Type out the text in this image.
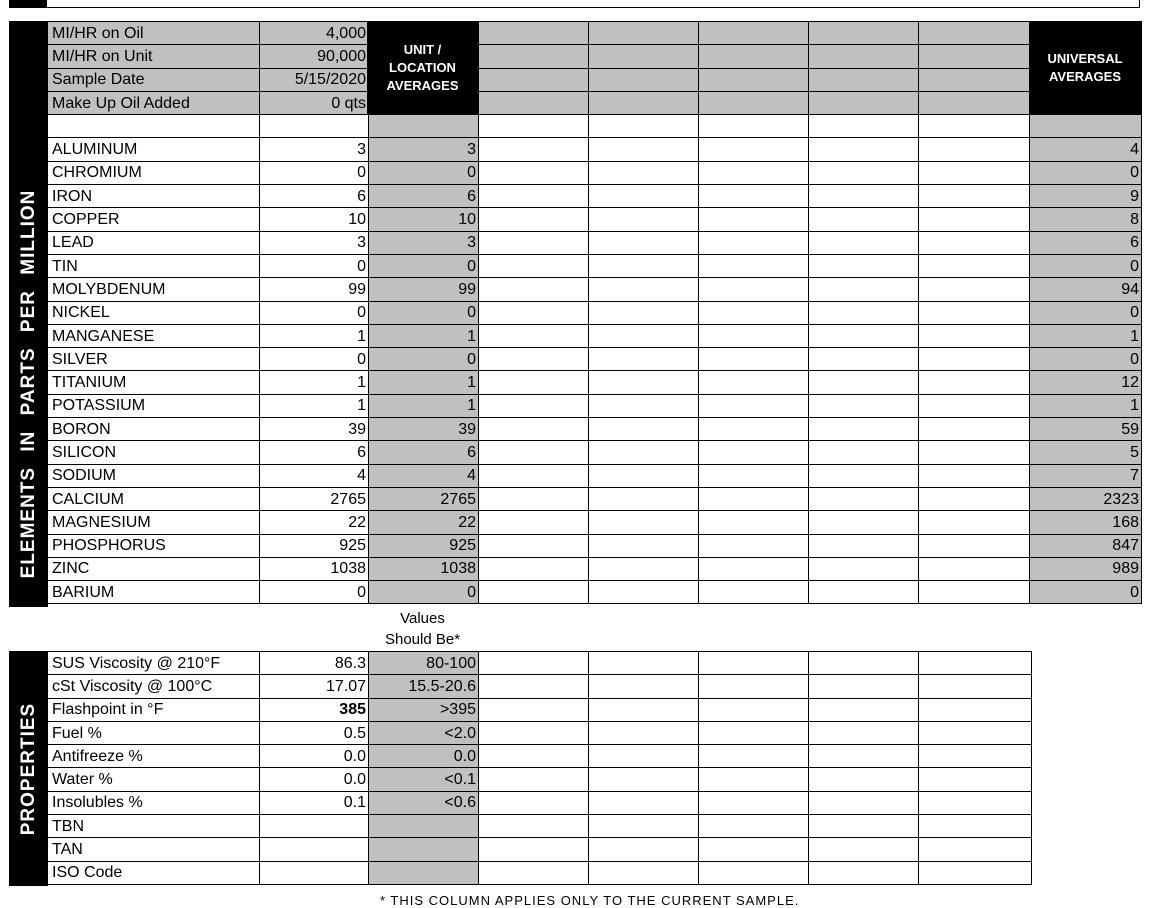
ELEMENTS IN PARTS PER MILLION
MI/HR on Oil	4,000							
MI/HR on Unit	90,000							
Sample Date	5/15/2020							
Make Up Oil Added	0 qts							

ALUMINUM	3	3						4
CHROMIUM	0	0						0
IRON	6	6						9
COPPER	10	10						8
LEAD	3	3						6
TIN	0	0						0
MOLYBDENUM	99	99						94
NICKEL	0	0						0
MANGANESE	1	1						1
SILVER	0	0						0
TITANIUM	1	1						12
POTASSIUM	1	1						1
BORON	39	39						59
SILICON	6	6						5
SODIUM	4	4						7
CALCIUM	2765	2765						2323
MAGNESIUM	22	22						168
PHOSPHORUS	925	925						847
ZINC	1038	1038						989
BARIUM	0	0						0
UNIT /
LOCATION
AVERAGES
UNIVERSAL
AVERAGES
Values
Should Be*
PROPERTIES
SUS Viscosity @ 210°F	86.3	80-100					
cSt Viscosity @ 100°C	17.07	15.5-20.6					
Flashpoint in °F	385	>395					
Fuel %	0.5	<2.0					
Antifreeze %	0.0	0.0					
Water %	0.0	<0.1					
Insolubles %	0.1	<0.6					
TBN							
TAN							
ISO Code							
* THIS COLUMN APPLIES ONLY TO THE CURRENT SAMPLE.
